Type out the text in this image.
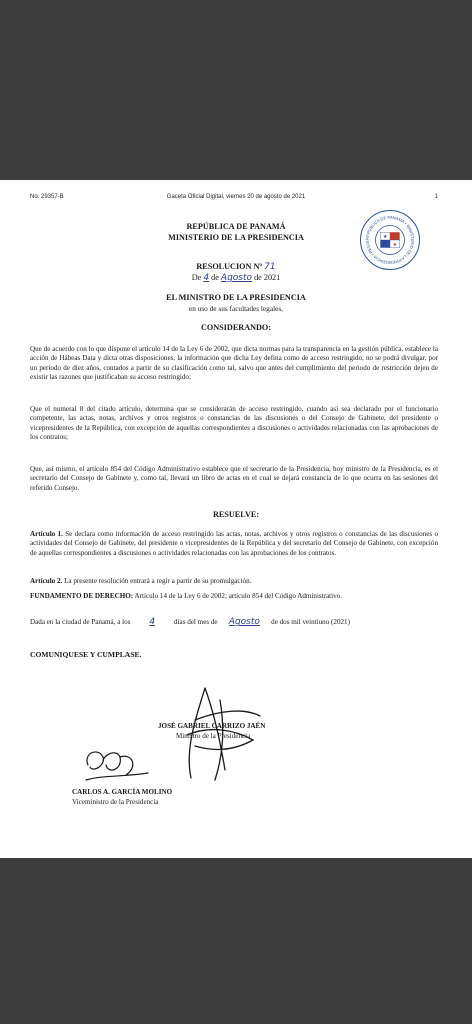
No. 29357-B	Gaceta Oficial Digital, viernes 20 de agosto de 2021	1
REPÚBLICA DE PANAMÁ • MINISTERIO DE LA PRESIDENCIA • REGIS
★
★
REPÚBLICA DE PANAMÁ
MINISTERIO DE LA PRESIDENCIA
RESOLUCION Nº 71
De 4 de Agosto de 2021
EL MINISTRO DE LA PRESIDENCIA
en uso de sus facultades legales,
CONSIDERANDO:
Que de acuerdo con lo que dispone el artículo 14 de la Ley 6 de 2002, que dicta normas para la transparencia en la gestión pública, establece la acción de Hábeas Data y dicta otras disposiciones, la información que dicha Ley defina como de acceso restringido, no se podrá divulgar, por un periodo de diez años, contados a partir de su clasificación como tal, salvo que antes del cumplimiento del periodo de restricción dejen de existir las razones que justificaban su acceso restringido;
Que el numeral 8 del citado artículo, determina que se considerarán de acceso restringido, cuando así sea declarado por el funcionario competente, las actas, notas, archivos y otros registros o constancias de las discusiones o del Consejo de Gabinete, del presidente o vicepresidentes de la República, con excepción de aquellas correspondientes a discusiones o actividades relacionadas con las aprobaciones de los contratos;
Que, así mismo, el artículo 854 del Código Administrativo establece que el secretario de la Presidencia, hoy ministro de la Presidencia, es el secretario del Consejo de Gabinete y, como tal, llevará un libro de actas en el cual se dejará constancia de lo que ocurra en las sesiones del referido Consejo.
RESUELVE:
Artículo 1. Se declara como información de acceso restringido las actas, notas, archivos y otros registros o constancias de las discusiones o actividades del Consejo de Gabinete, del presidente o vicepresidentes de la República y del secretario del Consejo de Gabinete, con excepción de aquellas correspondientes a discusiones o actividades relacionadas con las aprobaciones de los contratos.
Artículo 2. La presente resolución entrará a regir a partir de su promulgación.
FUNDAMENTO DE DERECHO: Artículo 14 de la Ley 6 de 2002; artículo 854 del Código Administrativo.
Dada en la ciudad de Panamá, a los 4	días del mes de Agosto de dos mil veintiuno (2021)
COMUNIQUESE Y CUMPLASE.
JOSÉ GABRIEL CARRIZO JAÉN
Ministro de la Presidencia
CARLOS A. GARCÍA MOLINO
Viceministro de la Presidencia
